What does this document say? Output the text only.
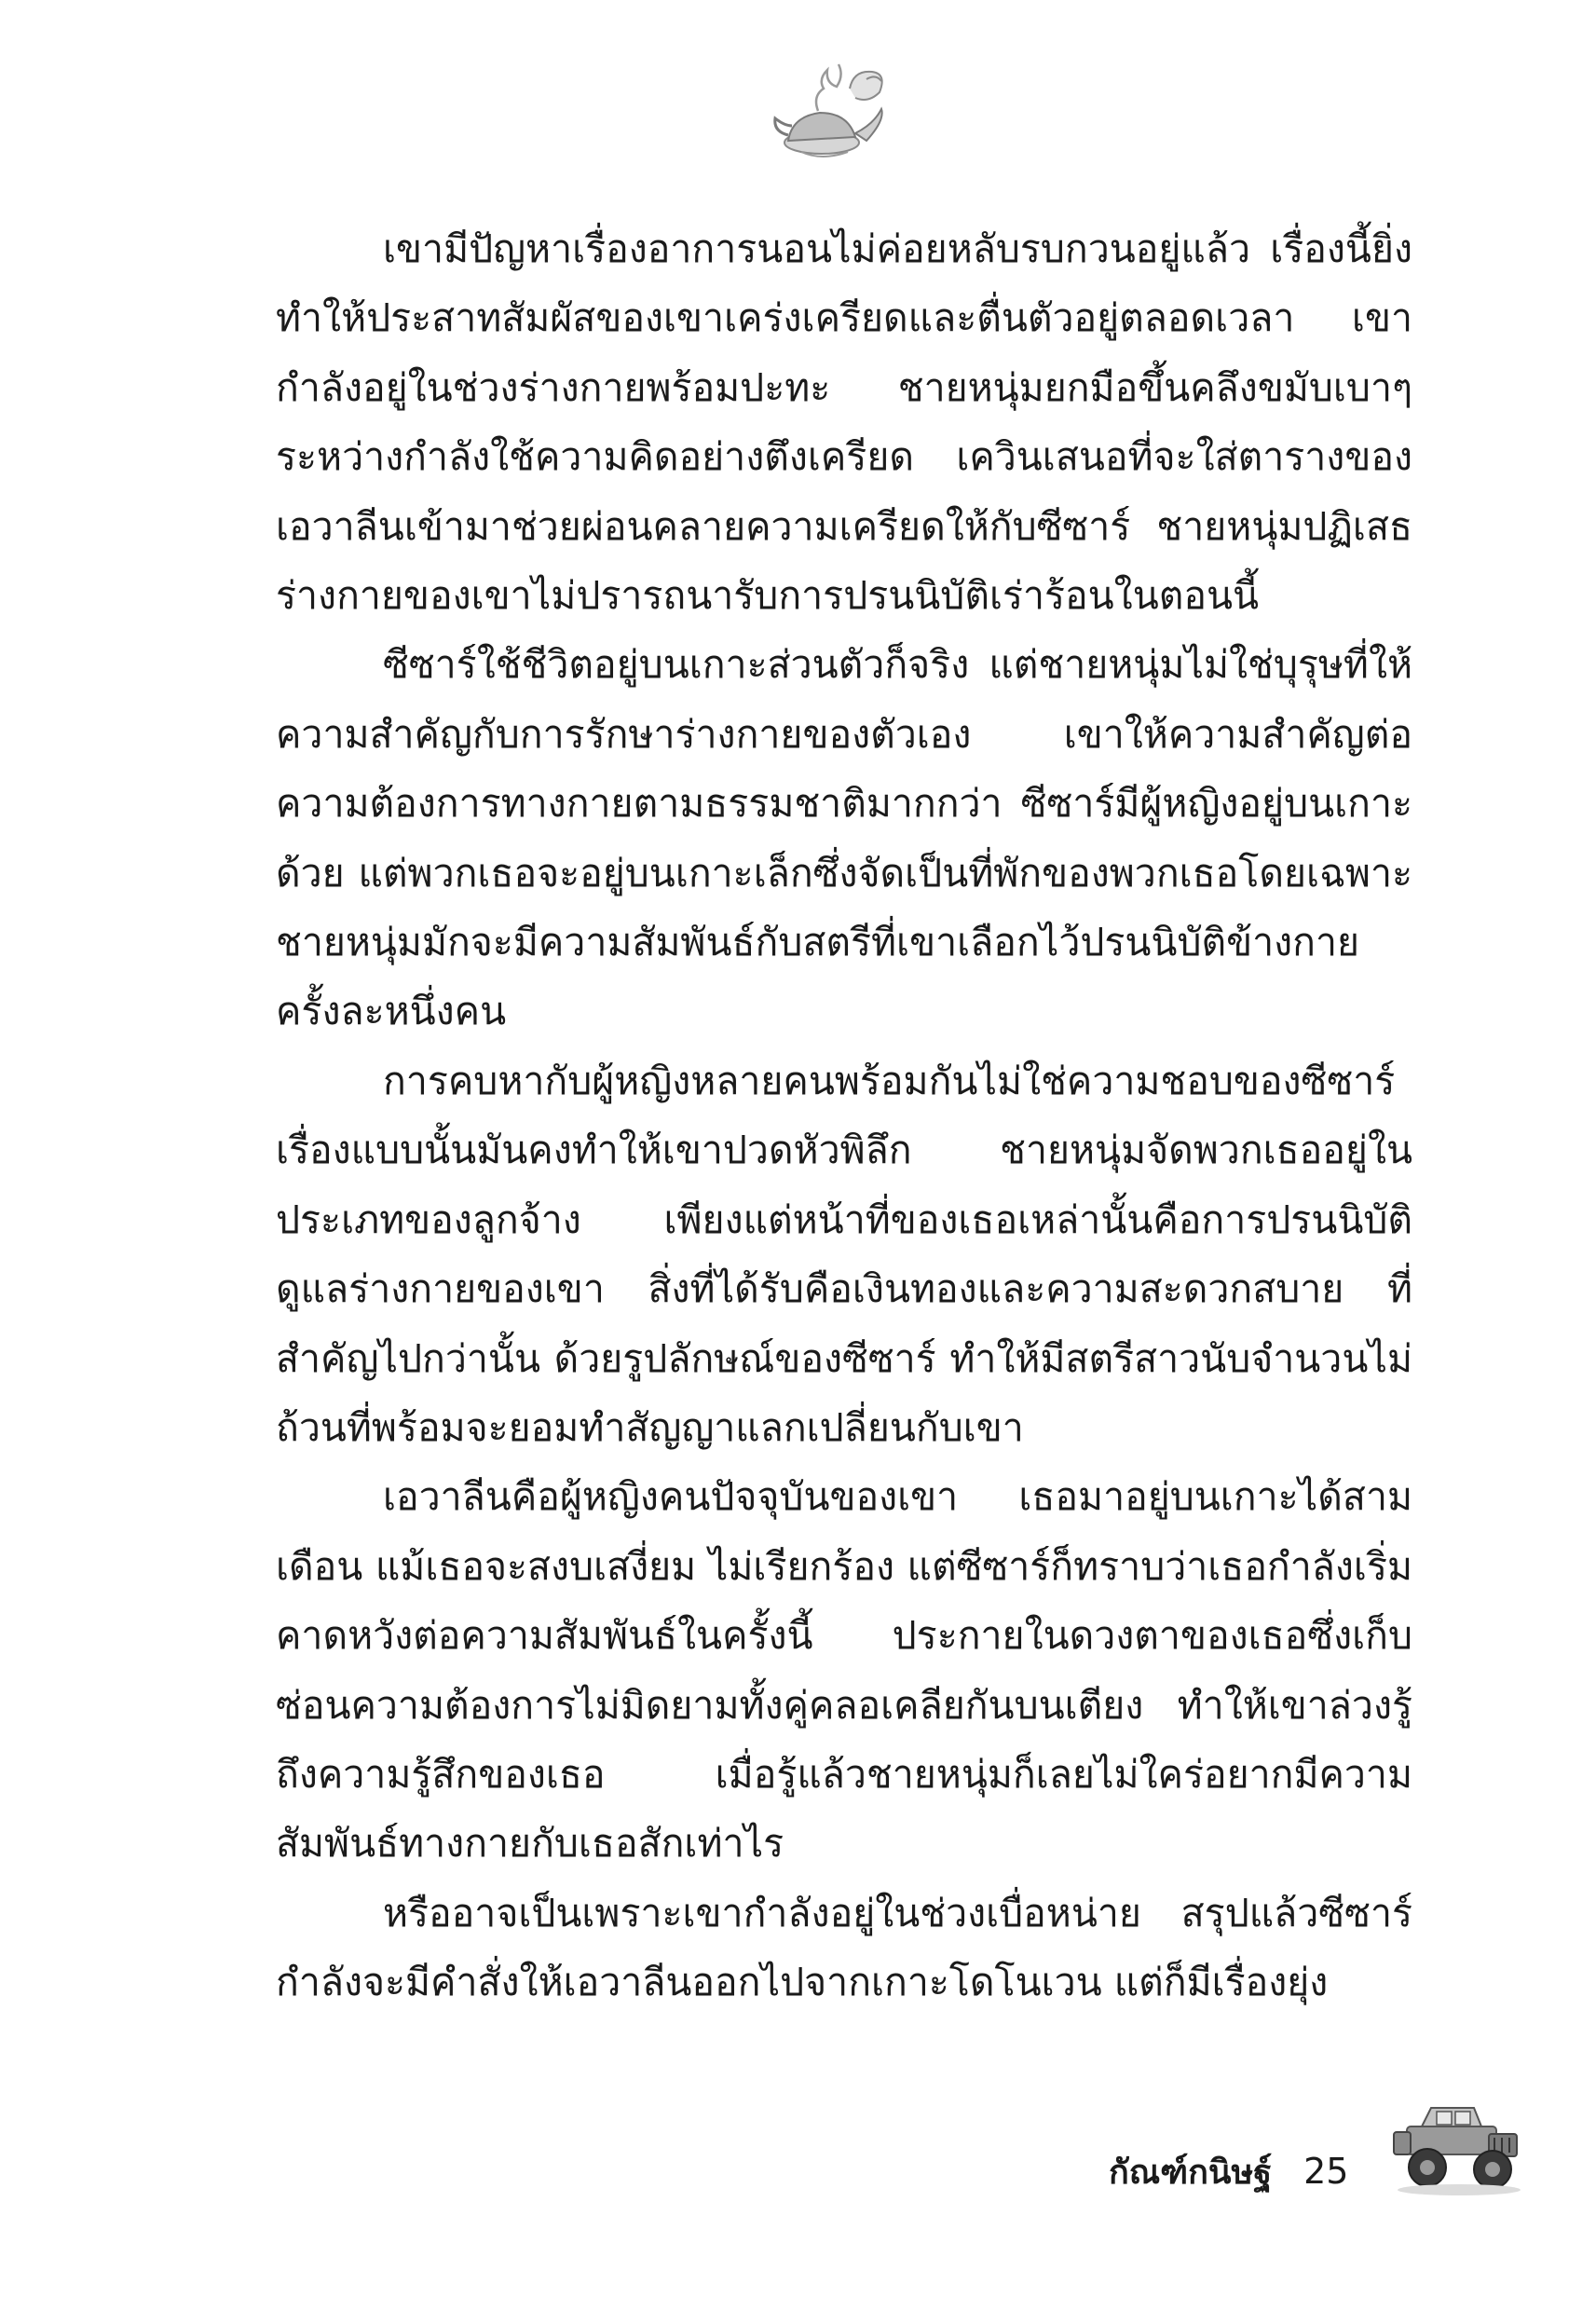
เขามีปัญหาเรื่องอาการนอนไม่ค่อยหลับรบกวนอยู่แล้ว เรื่องนี้ยิ่งทำให้ประสาทสัมผัสของเขาเคร่งเครียดและตื่นตัวอยู่ตลอดเวลา เขากำลังอยู่ในช่วงร่างกายพร้อมปะทะ ชายหนุ่มยกมือขึ้นคลึงขมับเบาๆ ระหว่างกำลังใช้ความคิดอย่างตึงเครียด เควินเสนอที่จะใส่ตารางของเอวาลีนเข้ามาช่วยผ่อนคลายความเครียดให้กับซีซาร์ ชายหนุ่มปฏิเสธ ร่างกายของเขาไม่ปรารถนารับการปรนนิบัติเร่าร้อนในตอนนี้

ซีซาร์ใช้ชีวิตอยู่บนเกาะส่วนตัวก็จริง แต่ชายหนุ่มไม่ใช่บุรุษที่ให้ความสำคัญกับการรักษาร่างกายของตัวเอง เขาให้ความสำคัญต่อความต้องการทางกายตามธรรมชาติมากกว่า ซีซาร์มีผู้หญิงอยู่บนเกาะด้วย แต่พวกเธอจะอยู่บนเกาะเล็กซึ่งจัดเป็นที่พักของพวกเธอโดยเฉพาะ ชายหนุ่มมักจะมีความสัมพันธ์กับสตรีที่เขาเลือกไว้ปรนนิบัติข้างกายครั้งละหนึ่งคน

การคบหากับผู้หญิงหลายคนพร้อมกันไม่ใช่ความชอบของซีซาร์ เรื่องแบบนั้นมันคงทำให้เขาปวดหัวพิลึก ชายหนุ่มจัดพวกเธออยู่ในประเภทของลูกจ้าง เพียงแต่หน้าที่ของเธอเหล่านั้นคือการปรนนิบัติดูแลร่างกายของเขา สิ่งที่ได้รับคือเงินทองและความสะดวกสบาย ที่สำคัญไปกว่านั้น ด้วยรูปลักษณ์ของซีซาร์ ทำให้มีสตรีสาวนับจำนวนไม่ถ้วนที่พร้อมจะยอมทำสัญญาแลกเปลี่ยนกับเขา

เอวาลีนคือผู้หญิงคนปัจจุบันของเขา เธอมาอยู่บนเกาะได้สามเดือน แม้เธอจะสงบเสงี่ยม ไม่เรียกร้อง แต่ซีซาร์ก็ทราบว่าเธอกำลังเริ่มคาดหวังต่อความสัมพันธ์ในครั้งนี้ ประกายในดวงตาของเธอซึ่งเก็บซ่อนความต้องการไม่มิดยามทั้งคู่คลอเคลียกันบนเตียง ทำให้เขาล่วงรู้ถึงความรู้สึกของเธอ เมื่อรู้แล้วชายหนุ่มก็เลยไม่ใคร่อยากมีความสัมพันธ์ทางกายกับเธอสักเท่าไร

หรืออาจเป็นเพราะเขากำลังอยู่ในช่วงเบื่อหน่าย สรุปแล้วซีซาร์กำลังจะมีคำสั่งให้เอวาลีนออกไปจากเกาะโดโนเวน แต่ก็มีเรื่องยุ่ง

กัณฑ์กนิษฐ์ 25
